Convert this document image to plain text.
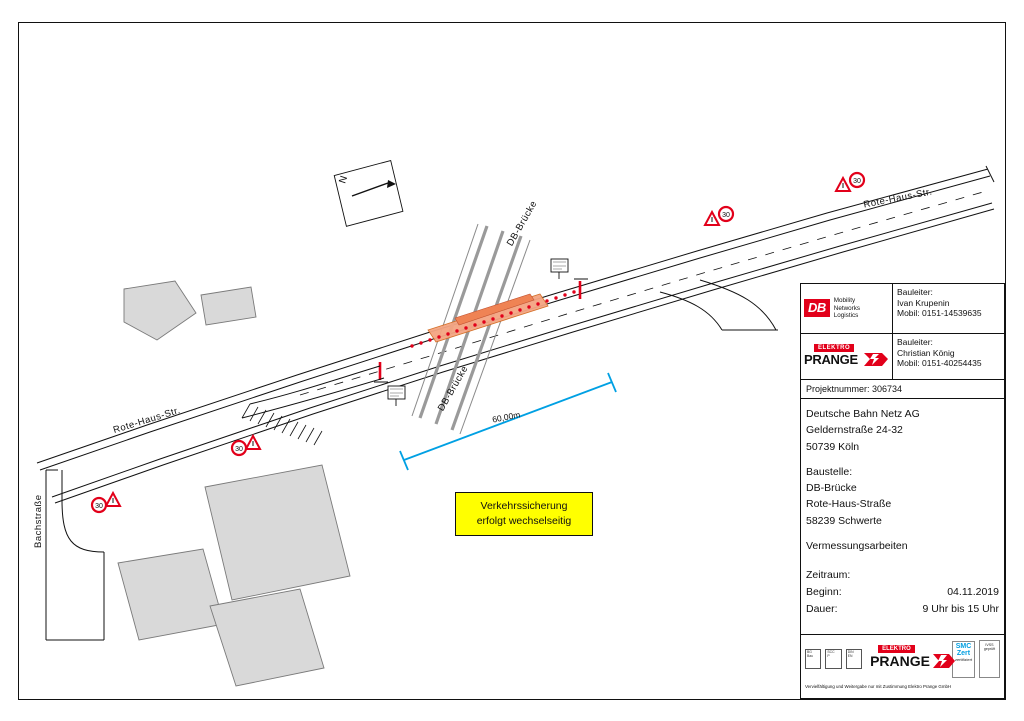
30
30
30
30
N
Rote-Haus-Str.
Rote-Haus-Str.
DB-Brücke
DB-Brücke
Bachstraße
60,00m
Verkehrssicherung
erfolgt wechselseitig
DB
Mobility
Networks
Logistics
Bauleiter:
Ivan Krupenin
Mobil: 0151-14539635
ELEKTRO
PRANGE
Bauleiter:
Christian König
Mobil: 0151-40254435
Projektnummer: 306734
Deutsche Bahn Netz AG
Geldernstraße 24-32
50739 Köln
Baustelle:
DB-Brücke
Rote-Haus-Straße
58239 Schwerte
Vermessungsarbeiten
Zeitraum:
Beginn:	04.11.2019
Dauer:	9 Uhr bis 15 Uhr
BG
Bau
SCC
P
DIN
EN
ELEKTRO
PRANGE
SMC
Zert
zertifiziert
IVSS
geprüft
Vervielfältigung und Weitergabe nur mit Zustimmung Elektro Prange GmbH
